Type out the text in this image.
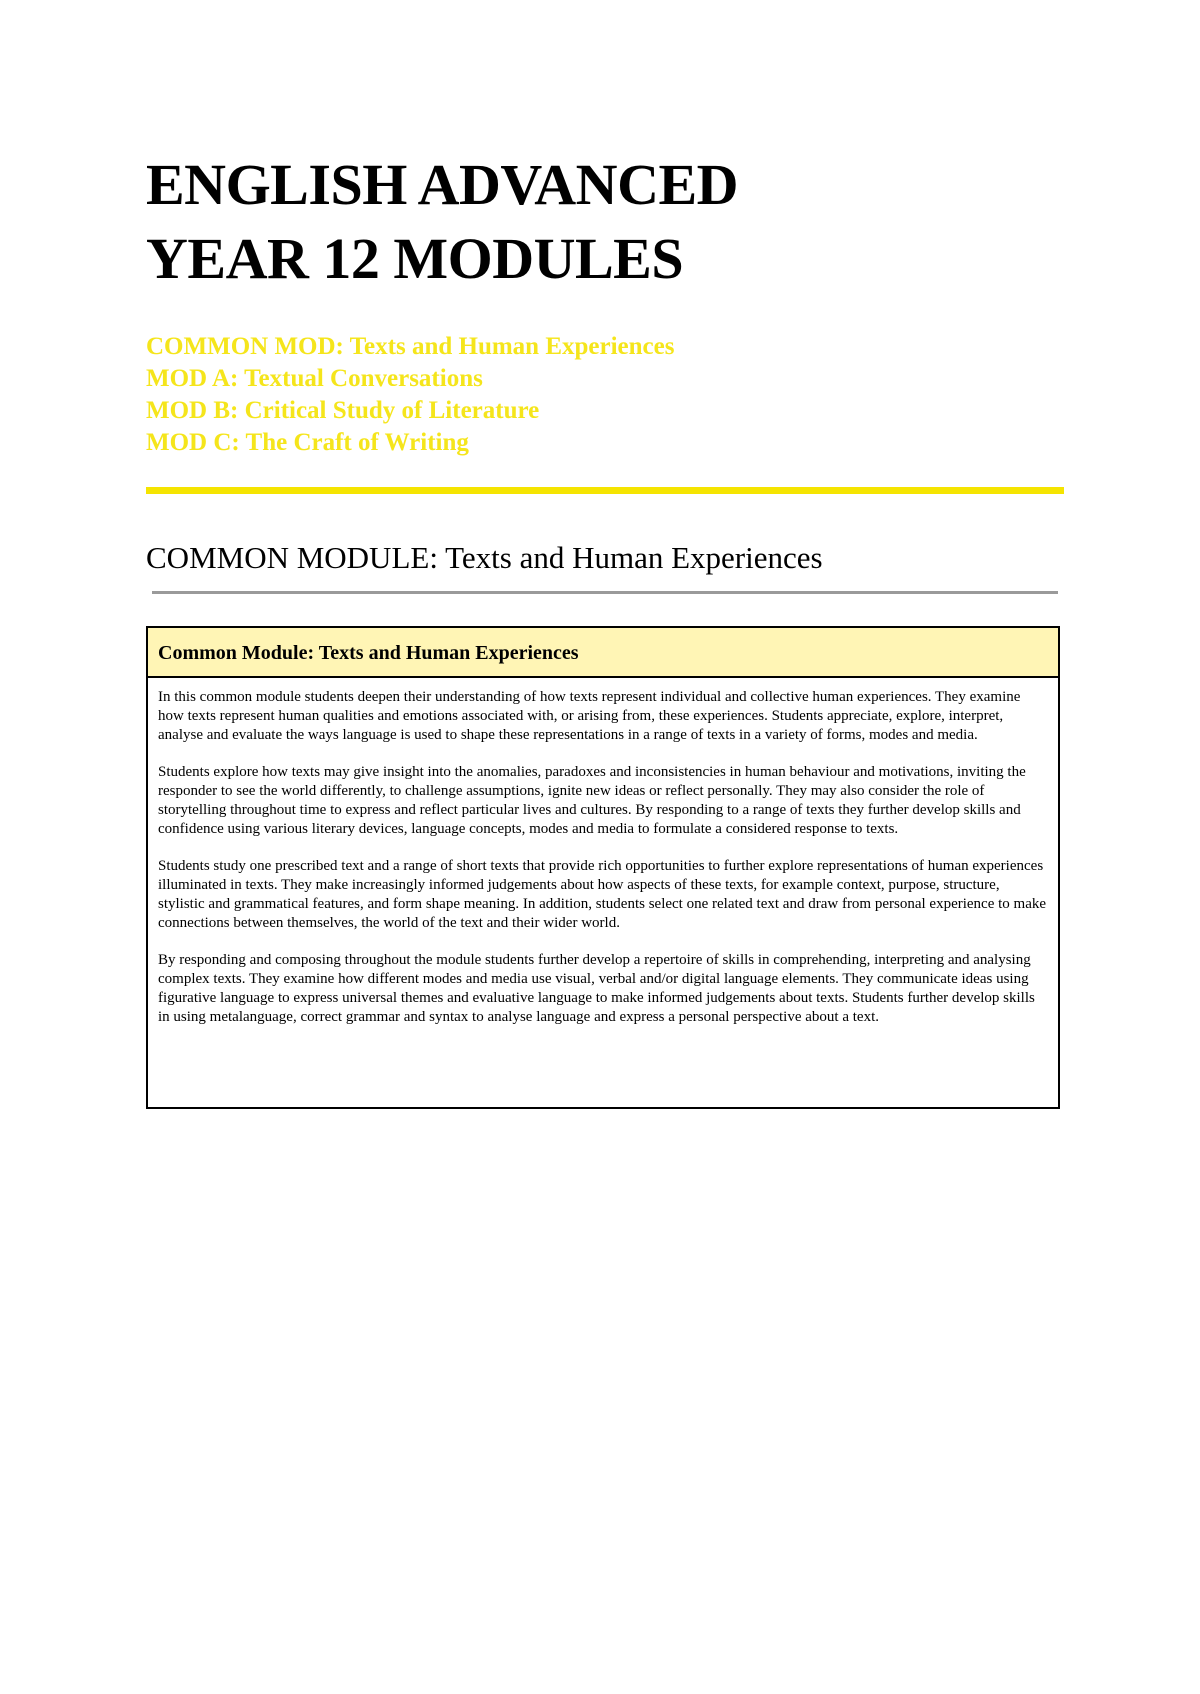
ENGLISH ADVANCED
YEAR 12 MODULES
COMMON MOD: Texts and Human Experiences
MOD A: Textual Conversations
MOD B: Critical Study of Literature
MOD C: The Craft of Writing
COMMON MODULE: Texts and Human Experiences
Common Module: Texts and Human Experiences

In this common module students deepen their understanding of how texts represent individual and collective human experiences. They examine how texts represent human qualities and emotions associated with, or arising from, these experiences. Students appreciate, explore, interpret, analyse and evaluate the ways language is used to shape these representations in a range of texts in a variety of forms, modes and media.

Students explore how texts may give insight into the anomalies, paradoxes and inconsistencies in human behaviour and motivations, inviting the responder to see the world differently, to challenge assumptions, ignite new ideas or reflect personally. They may also consider the role of storytelling throughout time to express and reflect particular lives and cultures. By responding to a range of texts they further develop skills and confidence using various literary devices, language concepts, modes and media to formulate a considered response to texts.

Students study one prescribed text and a range of short texts that provide rich opportunities to further explore representations of human experiences illuminated in texts. They make increasingly informed judgements about how aspects of these texts, for example context, purpose, structure, stylistic and grammatical features, and form shape meaning. In addition, students select one related text and draw from personal experience to make connections between themselves, the world of the text and their wider world.

By responding and composing throughout the module students further develop a repertoire of skills in comprehending, interpreting and analysing complex texts. They examine how different modes and media use visual, verbal and/or digital language elements. They communicate ideas using figurative language to express universal themes and evaluative language to make informed judgements about texts. Students further develop skills in using metalanguage, correct grammar and syntax to analyse language and express a personal perspective about a text.
